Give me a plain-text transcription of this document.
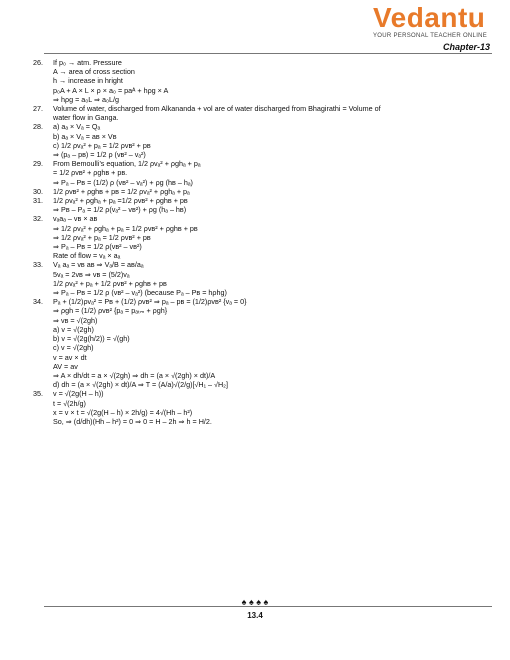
Vedantu
YOUR PERSONAL TEACHER ONLINE
Chapter-13
26. If p₀ → atm. Pressure
A → area of cross section
h → increase in hright
p₀A + A × L × ρ × a₀ = paᴬ + hρg × A
⇒ hρg = a₀L ⇒ a₀L/g
27. Volume of water, discharged from Alkananda + vol are of water discharged from Bhagirathi = Volume of
water flow in Ganga.
28. a) aₐ × Vₐ = Qₐ
b) aₐ × Vₐ = aʙ × Vʙ
c) 1/2 ρvₐ² + pₐ = 1/2 ρvʙ² + pʙ
⇒ (pₐ – pʙ) = 1/2 ρ (vʙ² – vₐ²)
29. From Bemoulli’s equation, 1/2 ρvₐ² + ρghₐ + pₐ
= 1/2 ρvʙ² + ρghʙ + pʙ.
⇒ Pₐ – Pʙ = (1/2) ρ (vʙ² – vₐ²) + ρg (hʙ – hₐ)
30. 1/2 ρvʙ² + ρghʙ + pʙ = 1/2 ρvₐ² + ρghₐ + pₐ
31. 1/2 ρvₐ² + ρghₐ + pₐ =1/2 ρvʙ² + ρghʙ + pʙ
⇒ Pʙ – Pₐ = 1/2 ρ(vₐ² – vʙ²) + ρg (hₐ – hʙ)
32. vₐaₐ – vʙ × aʙ
⇒ 1/2 ρvₐ² + ρghₐ + pₐ = 1/2 ρvʙ² + ρghʙ + pʙ
⇒ 1/2 ρvₐ² + pₐ = 1/2 ρvʙ² + pʙ
⇒ Pₐ – Pʙ = 1/2 ρ(vʙ² – vʙ²)
Rate of flow = vₐ × aₐ
33. Vₐ aₐ = vʙ aʙ ⇒ Vₐ/B = aʙ/aₐ
5vₐ = 2vʙ ⇒ vʙ = (5/2)vₐ
1/2 ρvₐ² + pₐ + 1/2 ρvʙ² + ρghʙ + pʙ
⇒ Pₐ – Pʙ = 1/2 ρ (vʙ² – vₐ²) (because Pₐ – Pʙ = hρhg)
34. Pₐ + (1/2)ρvₐ² = Pʙ + (1/2) ρvʙ² ⇒ pₐ – pʙ = (1/2)ρvʙ² {vₐ = 0}
⇒ ρgh = (1/2) ρvʙ² {pₐ = pₐₜₘ + ρgh}
⇒ vʙ = √(2gh)
a) v = √(2gh)
b) v = √(2g(h/2)) = √(gh)
c) v = √(2gh)
v = av × dt
AV = av
⇒ A × dh/dt = a × √(2gh) ⇒ dh = (a × √(2gh) × dt)/A
d) dh = (a × √(2gh) × dt)/A ⇒ T = (A/a)√(2/g)[√H₁ – √H₂]
35. v = √(2g(H – h))
t = √(2h/g)
x = v × t = √(2g(H – h) × 2h/g) = 4√(Hh – h²)
So, ⇒ (d/dh)(Hh – h²) = 0 ⇒ 0 = H – 2h ⇒ h = H/2.
♠ ♠ ♠ ♠
13.4
